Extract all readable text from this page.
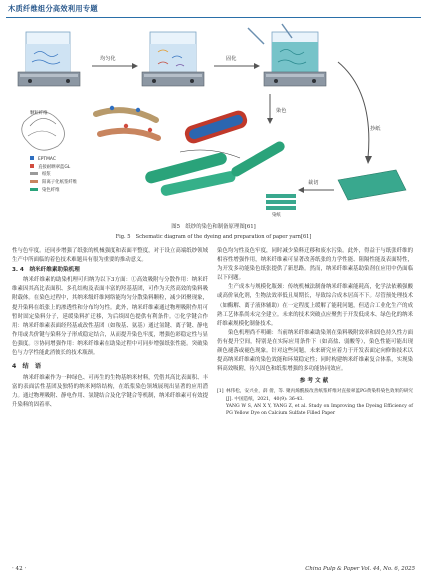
木质纤维组分高效利用专题
均匀化	固化
染色
颗粒纤维
EPTMAC
直接耐晒翠蓝GL
纸浆
阳离子化纸浆纤维
染色纤维
抄纸
裁切
染纸
图5　纸纱的染色和制备原理图[61]
Fig. 5　Schematic diagram of the dyeing and preparation of paper yarn[61]

性与色牢度。还同步增强了纸张的机械强度和表面平整度，对于设立高端纸纱领域生产中所面临的着色技术难题具有很为重要的推动意义。

3. 4　纳米纤维素助染机理

纳米纤维素的助染机理可归纳为以下3方面：①高效吸附与分散作用：纳米纤维素因其高比表面积、多孔结构及表面丰富的羟基基团，可作为天然高效的染料吸附载体。在染色过程中，其纳米级纤维网络能均匀分散染料颗粒，减少团聚现象，提升染料在纸张上的渗透性和分布均匀性。此外，纳米纤维素通过物理吸附作用可暂时固定染料分子，延缓染料扩迁移，为后续固色提供有利条件。②化学键合作用：纳米纤维素表面经羟基或改性基团（如羧基、氨基）通过氢键、离子键、静电作用或共价键与染料分子形成稳定结合，从而提升染色牢度，增强色彩稳定性与显色强度。③协同增强作用：纳米纤维素在助染过程中可同步增强纸张性能。突破染色与力学性能此消彼长的技术瓶颈。

4　结　语

纳米纤维素作为一种绿色、可再生的生物基纳米材料，凭借其高比表面积、丰富的表面活性基团及独特的纳米网络结构，在纸浆染色领域展现出显著的应用潜力。通过物理吸附、静电作用、氢键结合及化学键合等机制，纳米纤维素可有效提升染料的固着率、

染色均匀性及色牢度，同时减少染料迁移和废水污染。此外，得益于与纸张纤维的相容性增强作用，纳米纤维素可显著改善纸张的力学性能、阻隔性能及表面特性，为开发多功能染色纸张提供了新思路。然而，纳米纤维素基助染剂在应用中仍面临以下问题。

生产成本与规模化瓶颈：传统机械法制备纳米纤维素能耗高，化学法依赖强酸或高价氧化剂，生物法效率低且周期长，导致综合成本居高不下。尽管预处理技术（如酶解、离子液体辅助）在一定程度上缓解了能耗问题，但适合工业化生产的成熟工艺体系尚未完全建立。未来的技术突破点应聚焦于开发低成本、绿色化的纳米纤维素规模化制备技术。

染色机理尚不明确：当前纳米纤维素助染剂在染料吸附效率和固色持久性方面仍有提升空间，特别是在实际应用条件下（如高盐、弱酸等），染色性能可能出现颜色褪落或褪色现象。针对这些问题，未来研究应着力于开发表面定向修饰技术以提高纳米纤维素的染色效能和环境稳定性；同时构建纳米纤维素复合体系，实现染料高效吸附，待久固色和纸浆增强的多功能协同效应。

参考文献
[1] 林伟松，安兴业，薛 倩，等. 聚丙烯酰胺改善纸浆纤维对直接翠蓝PG黄染料染色效果的研究[J]. 中国造纸，2021，40(9): 36-43.
YANG W S, AN X Y, YANG Z, et al. Study on Improving the Dyeing Efficiency of PG Yellow Dye on Calcium Sulfate Filled Paper
· 42 ·	China Pulp & Paper Vol. 44, No. 6, 2025
